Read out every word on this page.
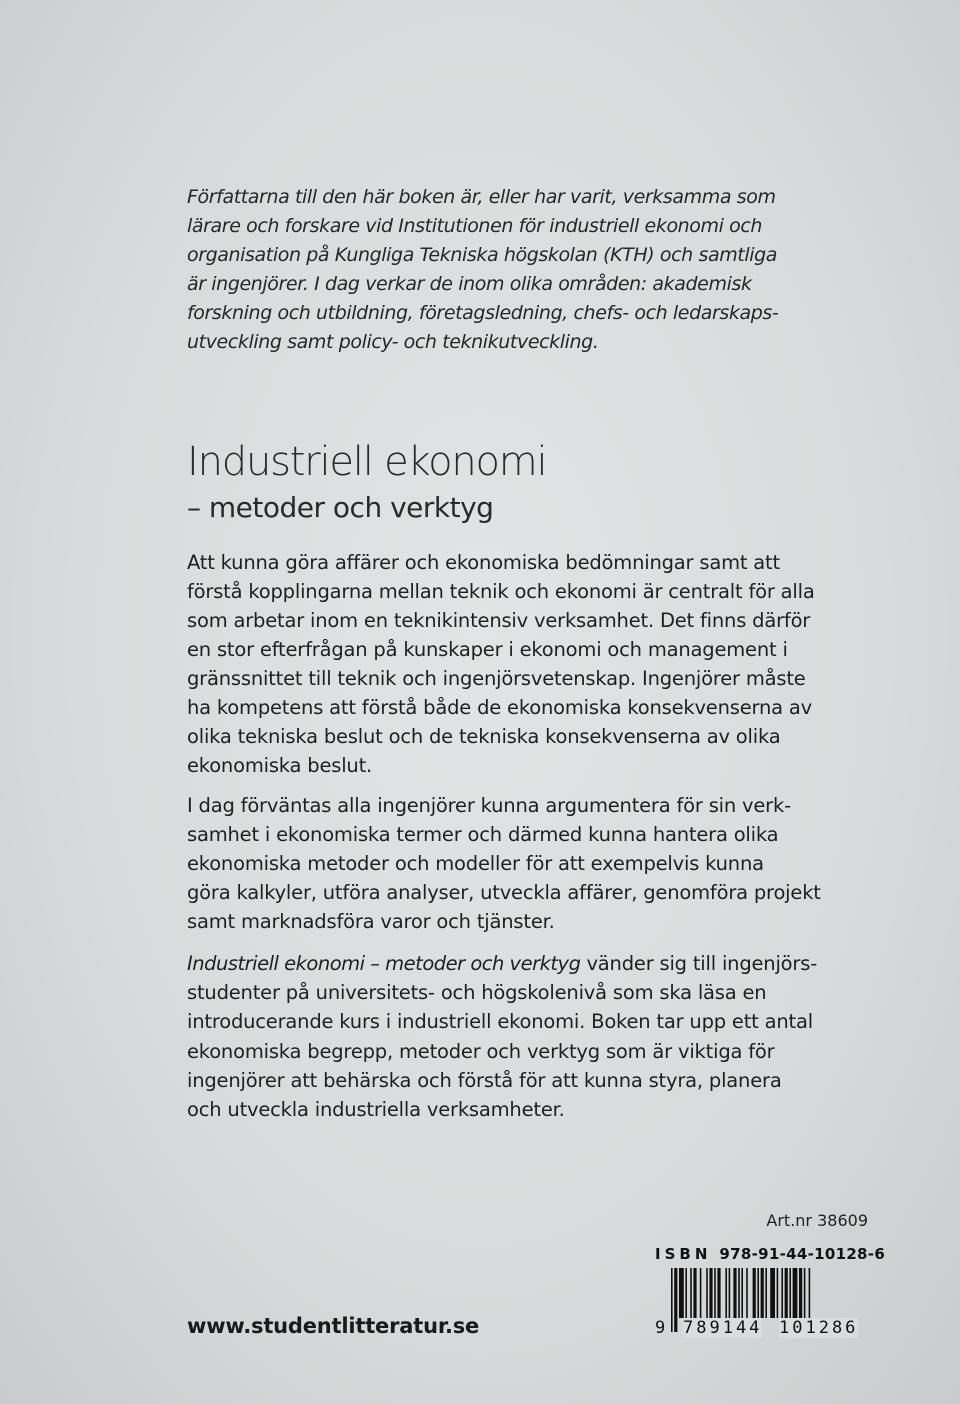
Författarna till den här boken är, eller har varit, verksamma som
lärare och forskare vid Institutionen för industriell ekonomi och
organisation på Kungliga Tekniska högskolan (KTH) och samtliga
är ingenjörer. I dag verkar de inom olika områden: akademisk
forskning och utbildning, företagsledning, chefs- och ledarskaps-
utveckling samt policy- och teknikutveckling.
Industriell ekonomi
– metoder och verktyg
Att kunna göra affärer och ekonomiska bedömningar samt att
förstå kopplingarna mellan teknik och ekonomi är centralt för alla
som arbetar inom en teknikintensiv verksamhet. Det finns därför
en stor efterfrågan på kunskaper i ekonomi och management i
gränssnittet till teknik och ingenjörsvetenskap. Ingenjörer måste
ha kompetens att förstå både de ekonomiska konsekvenserna av
olika tekniska beslut och de tekniska konsekvenserna av olika
ekonomiska beslut.
I dag förväntas alla ingenjörer kunna argumentera för sin verk-
samhet i ekonomiska termer och därmed kunna hantera olika
ekonomiska metoder och modeller för att exempelvis kunna
göra kalkyler, utföra analyser, utveckla affärer, genomföra projekt
samt marknadsföra varor och tjänster.
Industriell ekonomi – metoder och verktyg vänder sig till ingenjörs-
studenter på universitets- och högskolenivå som ska läsa en
introducerande kurs i industriell ekonomi. Boken tar upp ett antal
ekonomiska begrepp, metoder och verktyg som är viktiga för
ingenjörer att behärska och förstå för att kunna styra, planera
och utveckla industriella verksamheter.
Art.nr 38609
ISBN 978-91-44-10128-6
9 789144 101286
www.studentlitteratur.se
